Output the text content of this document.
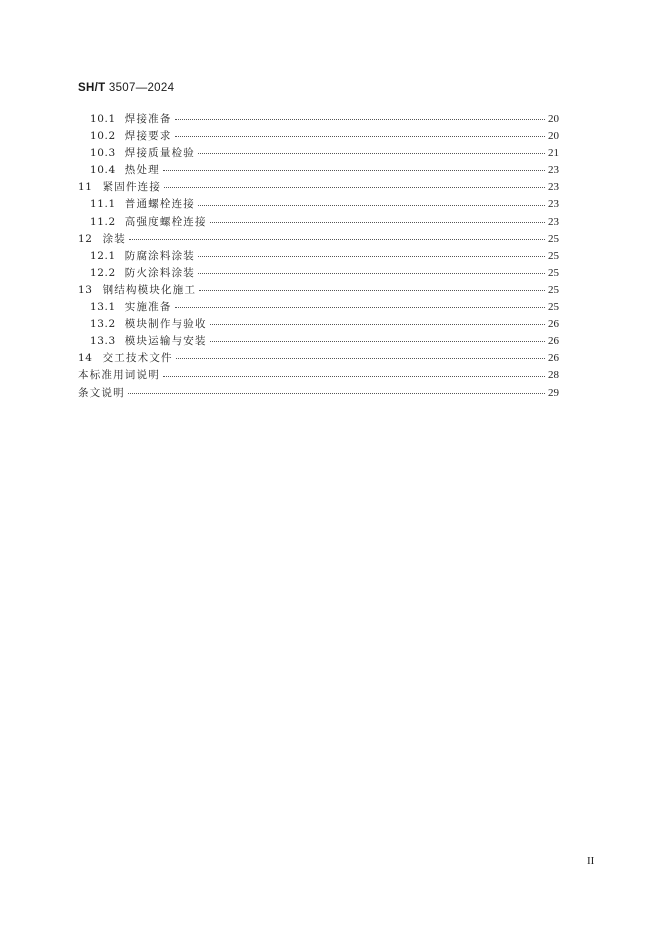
SH/T 3507—2024
10.1 焊接准备	20
10.2 焊接要求	20
10.3 焊接质量检验	21
10.4 热处理	23
11 紧固件连接	23
11.1 普通螺栓连接	23
11.2 高强度螺栓连接	23
12 涂装	25
12.1 防腐涂料涂装	25
12.2 防火涂料涂装	25
13 钢结构模块化施工	25
13.1 实施准备	25
13.2 模块制作与验收	26
13.3 模块运输与安装	26
14 交工技术文件	26
本标准用词说明	28
条文说明	29
II
